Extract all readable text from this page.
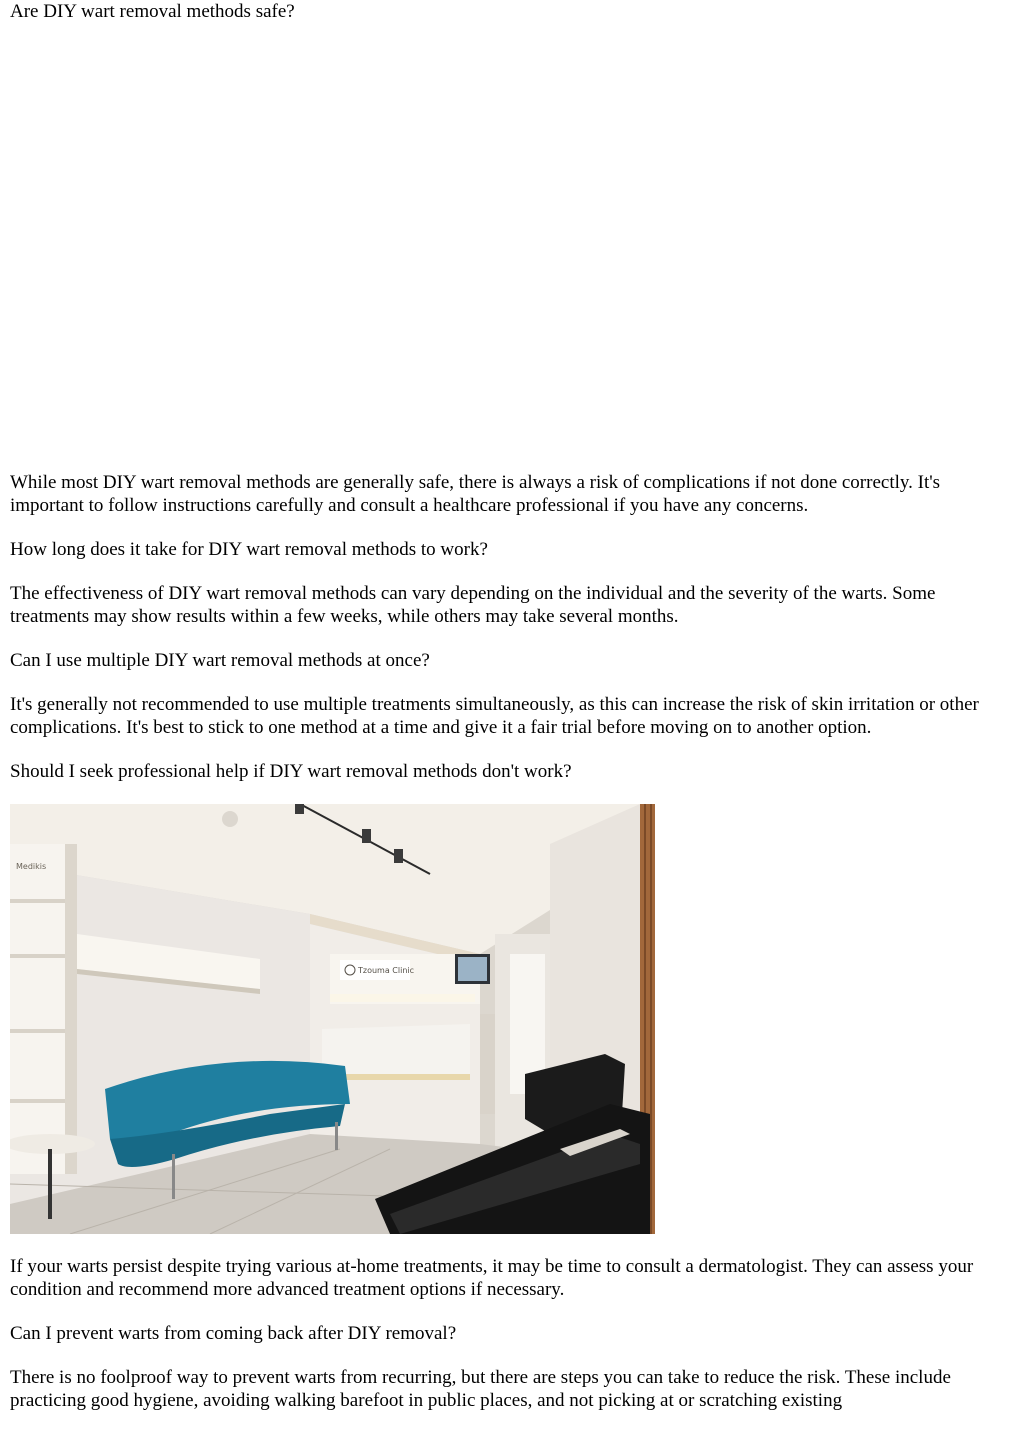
Are DIY wart removal methods safe?

While most DIY wart removal methods are generally safe, there is always a risk of complications if not done correctly. It's important to follow instructions carefully and consult a healthcare professional if you have any concerns.

How long does it take for DIY wart removal methods to work?

The effectiveness of DIY wart removal methods can vary depending on the individual and the severity of the warts. Some treatments may show results within a few weeks, while others may take several months.

Can I use multiple DIY wart removal methods at once?

It's generally not recommended to use multiple treatments simultaneously, as this can increase the risk of skin irritation or other complications. It's best to stick to one method at a time and give it a fair trial before moving on to another option.

Should I seek professional help if DIY wart removal methods don't work?

Medikis
Tzouma Clinic

If your warts persist despite trying various at-home treatments, it may be time to consult a dermatologist. They can assess your condition and recommend more advanced treatment options if necessary.

Can I prevent warts from coming back after DIY removal?

There is no foolproof way to prevent warts from recurring, but there are steps you can take to reduce the risk. These include practicing good hygiene, avoiding walking barefoot in public places, and not picking at or scratching existing
